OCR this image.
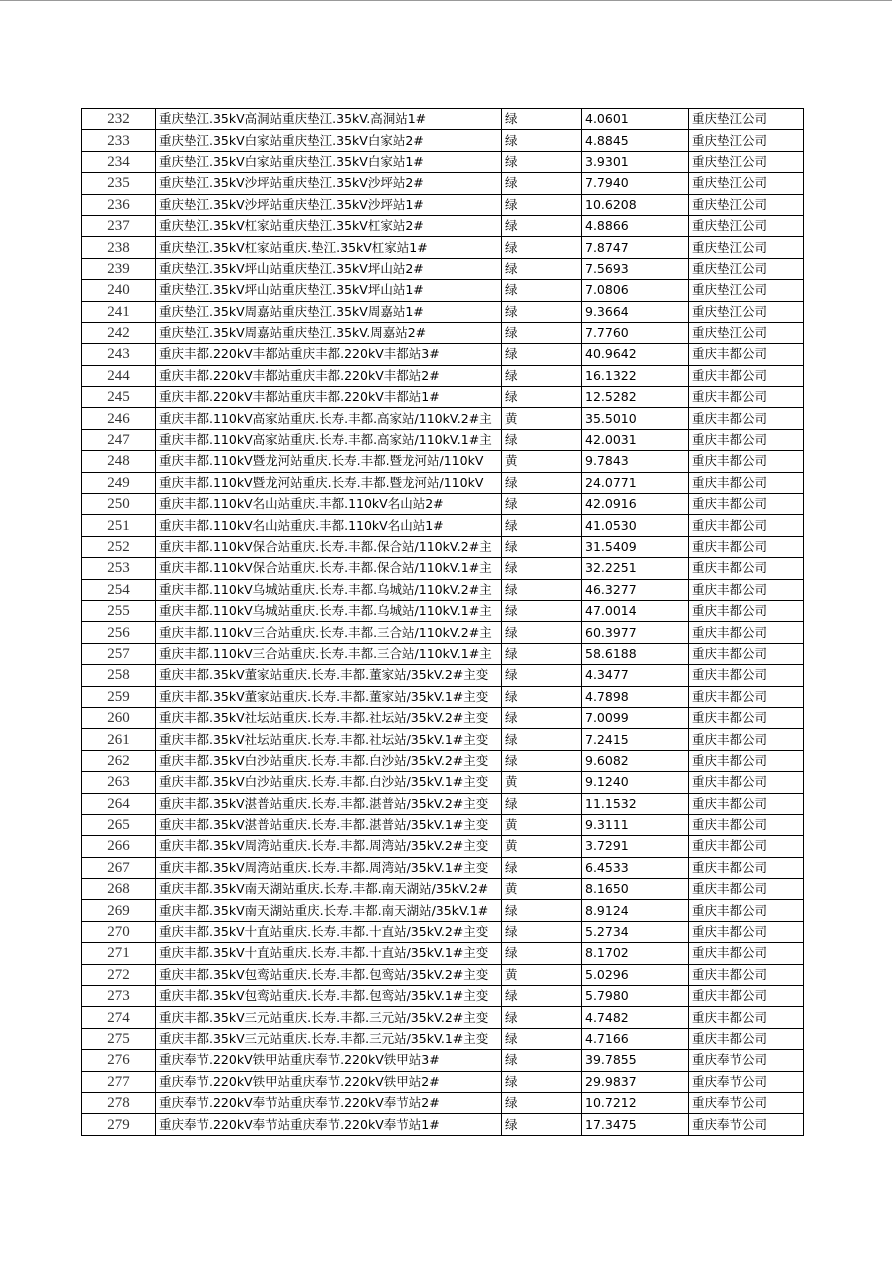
232	重庆垫江.35kV高洞站重庆垫江.35kV.高洞站1#	绿	4.0601	重庆垫江公司
233	重庆垫江.35kV白家站重庆垫江.35kV白家站2#	绿	4.8845	重庆垫江公司
234	重庆垫江.35kV白家站重庆垫江.35kV白家站1#	绿	3.9301	重庆垫江公司
235	重庆垫江.35kV沙坪站重庆垫江.35kV沙坪站2#	绿	7.7940	重庆垫江公司
236	重庆垫江.35kV沙坪站重庆垫江.35kV沙坪站1#	绿	10.6208	重庆垫江公司
237	重庆垫江.35kV杠家站重庆垫江.35kV杠家站2#	绿	4.8866	重庆垫江公司
238	重庆垫江.35kV杠家站重庆.垫江.35kV杠家站1#	绿	7.8747	重庆垫江公司
239	重庆垫江.35kV坪山站重庆垫江.35kV坪山站2#	绿	7.5693	重庆垫江公司
240	重庆垫江.35kV坪山站重庆垫江.35kV坪山站1#	绿	7.0806	重庆垫江公司
241	重庆垫江.35kV周嘉站重庆垫江.35kV周嘉站1#	绿	9.3664	重庆垫江公司
242	重庆垫江.35kV周嘉站重庆垫江.35kV.周嘉站2#	绿	7.7760	重庆垫江公司
243	重庆丰都.220kV丰都站重庆丰都.220kV丰都站3#	绿	40.9642	重庆丰都公司
244	重庆丰都.220kV丰都站重庆丰都.220kV丰都站2#	绿	16.1322	重庆丰都公司
245	重庆丰都.220kV丰都站重庆丰都.220kV丰都站1#	绿	12.5282	重庆丰都公司
246	重庆丰都.110kV高家站重庆.长寿.丰都.高家站/110kV.2#主	黄	35.5010	重庆丰都公司
247	重庆丰都.110kV高家站重庆.长寿.丰都.高家站/110kV.1#主	绿	42.0031	重庆丰都公司
248	重庆丰都.110kV暨龙河站重庆.长寿.丰都.暨龙河站/110kV	黄	9.7843	重庆丰都公司
249	重庆丰都.110kV暨龙河站重庆.长寿.丰都.暨龙河站/110kV	绿	24.0771	重庆丰都公司
250	重庆丰都.110kV名山站重庆.丰都.110kV名山站2#	绿	42.0916	重庆丰都公司
251	重庆丰都.110kV名山站重庆.丰都.110kV名山站1#	绿	41.0530	重庆丰都公司
252	重庆丰都.110kV保合站重庆.长寿.丰都.保合站/110kV.2#主	绿	31.5409	重庆丰都公司
253	重庆丰都.110kV保合站重庆.长寿.丰都.保合站/110kV.1#主	绿	32.2251	重庆丰都公司
254	重庆丰都.110kV乌城站重庆.长寿.丰都.乌城站/110kV.2#主	绿	46.3277	重庆丰都公司
255	重庆丰都.110kV乌城站重庆.长寿.丰都.乌城站/110kV.1#主	绿	47.0014	重庆丰都公司
256	重庆丰都.110kV三合站重庆.长寿.丰都.三合站/110kV.2#主	绿	60.3977	重庆丰都公司
257	重庆丰都.110kV三合站重庆.长寿.丰都.三合站/110kV.1#主	绿	58.6188	重庆丰都公司
258	重庆丰都.35kV董家站重庆.长寿.丰都.董家站/35kV.2#主变	绿	4.3477	重庆丰都公司
259	重庆丰都.35kV董家站重庆.长寿.丰都.董家站/35kV.1#主变	绿	4.7898	重庆丰都公司
260	重庆丰都.35kV社坛站重庆.长寿.丰都.社坛站/35kV.2#主变	绿	7.0099	重庆丰都公司
261	重庆丰都.35kV社坛站重庆.长寿.丰都.社坛站/35kV.1#主变	绿	7.2415	重庆丰都公司
262	重庆丰都.35kV白沙站重庆.长寿.丰都.白沙站/35kV.2#主变	绿	9.6082	重庆丰都公司
263	重庆丰都.35kV白沙站重庆.长寿.丰都.白沙站/35kV.1#主变	黄	9.1240	重庆丰都公司
264	重庆丰都.35kV湛普站重庆.长寿.丰都.湛普站/35kV.2#主变	绿	11.1532	重庆丰都公司
265	重庆丰都.35kV湛普站重庆.长寿.丰都.湛普站/35kV.1#主变	黄	9.3111	重庆丰都公司
266	重庆丰都.35kV周湾站重庆.长寿.丰都.周湾站/35kV.2#主变	黄	3.7291	重庆丰都公司
267	重庆丰都.35kV周湾站重庆.长寿.丰都.周湾站/35kV.1#主变	绿	6.4533	重庆丰都公司
268	重庆丰都.35kV南天湖站重庆.长寿.丰都.南天湖站/35kV.2#	黄	8.1650	重庆丰都公司
269	重庆丰都.35kV南天湖站重庆.长寿.丰都.南天湖站/35kV.1#	绿	8.9124	重庆丰都公司
270	重庆丰都.35kV十直站重庆.长寿.丰都.十直站/35kV.2#主变	绿	5.2734	重庆丰都公司
271	重庆丰都.35kV十直站重庆.长寿.丰都.十直站/35kV.1#主变	绿	8.1702	重庆丰都公司
272	重庆丰都.35kV包鸾站重庆.长寿.丰都.包鸾站/35kV.2#主变	黄	5.0296	重庆丰都公司
273	重庆丰都.35kV包鸾站重庆.长寿.丰都.包鸾站/35kV.1#主变	绿	5.7980	重庆丰都公司
274	重庆丰都.35kV三元站重庆.长寿.丰都.三元站/35kV.2#主变	绿	4.7482	重庆丰都公司
275	重庆丰都.35kV三元站重庆.长寿.丰都.三元站/35kV.1#主变	绿	4.7166	重庆丰都公司
276	重庆奉节.220kV铁甲站重庆奉节.220kV铁甲站3#	绿	39.7855	重庆奉节公司
277	重庆奉节.220kV铁甲站重庆奉节.220kV铁甲站2#	绿	29.9837	重庆奉节公司
278	重庆奉节.220kV奉节站重庆奉节.220kV奉节站2#	绿	10.7212	重庆奉节公司
279	重庆奉节.220kV奉节站重庆奉节.220kV奉节站1#	绿	17.3475	重庆奉节公司
